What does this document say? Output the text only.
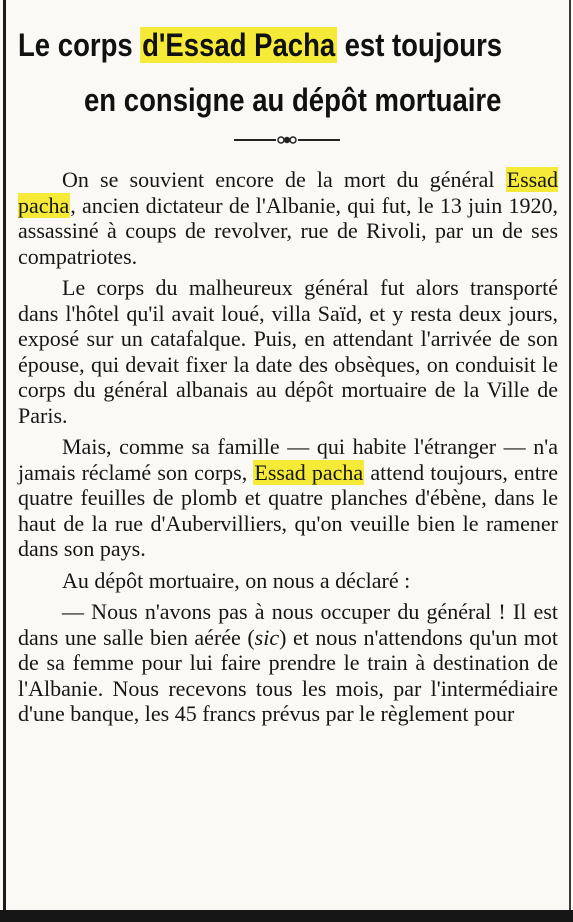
Le corps d'Essad Pacha est toujours
en consigne au dépôt mortuaire

On se souvient encore de la mort du général Essad pacha, ancien dictateur de l'Albanie, qui fut, le 13 juin 1920, assassiné à coups de revolver, rue de Rivoli, par un de ses compatriotes.

Le corps du malheureux général fut alors transporté dans l'hôtel qu'il avait loué, villa Saïd, et y resta deux jours, exposé sur un catafalque. Puis, en attendant l'arrivée de son épouse, qui devait fixer la date des obsèques, on conduisit le corps du général albanais au dépôt mortuaire de la Ville de Paris.

Mais, comme sa famille — qui habite l'étranger — n'a jamais réclamé son corps, Essad pacha attend toujours, entre quatre feuilles de plomb et quatre planches d'ébène, dans le haut de la rue d'Aubervilliers, qu'on veuille bien le ramener dans son pays.

Au dépôt mortuaire, on nous a déclaré :

— Nous n'avons pas à nous occuper du général ! Il est dans une salle bien aérée (sic) et nous n'attendons qu'un mot de sa femme pour lui faire prendre le train à destination de l'Albanie. Nous recevons tous les mois, par l'intermédiaire d'une banque, les 45 francs prévus par le règlement pour
